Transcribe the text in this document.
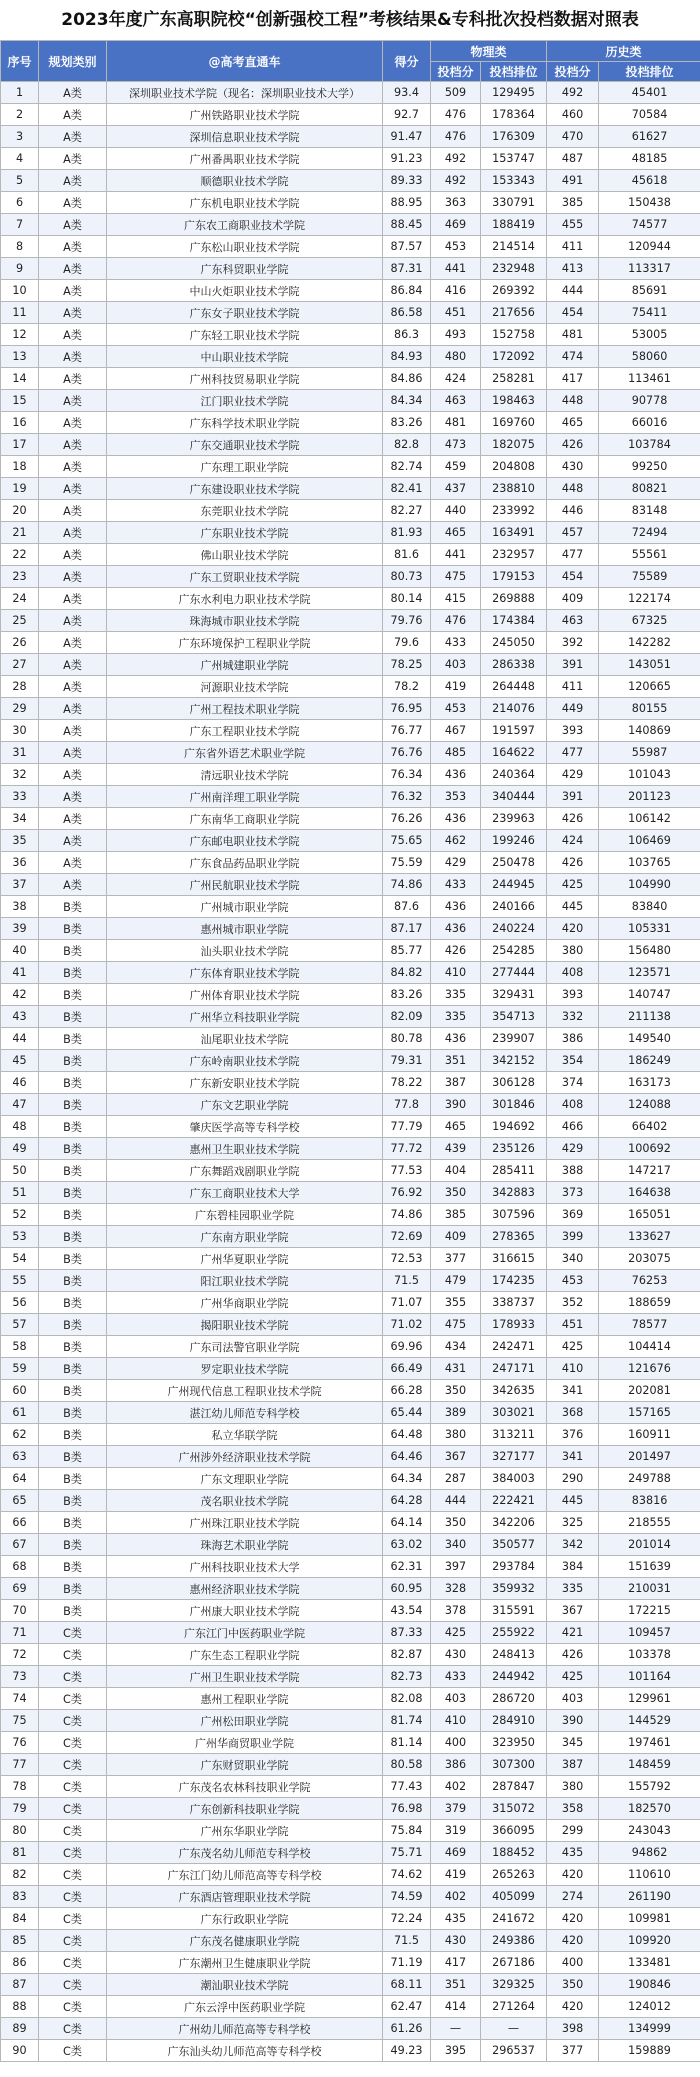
2023年度广东高职院校“创新强校工程”考核结果&专科批次投档数据对照表
序号	规划类别	@高考直通车	得分	物理类		历史类	
				投档分	投档排位	投档分	投档排位
1	A类	深圳职业技术学院（现名：深圳职业技术大学）	93.4	509	129495	492	45401
2	A类	广州铁路职业技术学院	92.7	476	178364	460	70584
3	A类	深圳信息职业技术学院	91.47	476	176309	470	61627
4	A类	广州番禺职业技术学院	91.23	492	153747	487	48185
5	A类	顺德职业技术学院	89.33	492	153343	491	45618
6	A类	广东机电职业技术学院	88.95	363	330791	385	150438
7	A类	广东农工商职业技术学院	88.45	469	188419	455	74577
8	A类	广东松山职业技术学院	87.57	453	214514	411	120944
9	A类	广东科贸职业学院	87.31	441	232948	413	113317
10	A类	中山火炬职业技术学院	86.84	416	269392	444	85691
11	A类	广东女子职业技术学院	86.58	451	217656	454	75411
12	A类	广东轻工职业技术学院	86.3	493	152758	481	53005
13	A类	中山职业技术学院	84.93	480	172092	474	58060
14	A类	广州科技贸易职业学院	84.86	424	258281	417	113461
15	A类	江门职业技术学院	84.34	463	198463	448	90778
16	A类	广东科学技术职业学院	83.26	481	169760	465	66016
17	A类	广东交通职业技术学院	82.8	473	182075	426	103784
18	A类	广东理工职业学院	82.74	459	204808	430	99250
19	A类	广东建设职业技术学院	82.41	437	238810	448	80821
20	A类	东莞职业技术学院	82.27	440	233992	446	83148
21	A类	广东职业技术学院	81.93	465	163491	457	72494
22	A类	佛山职业技术学院	81.6	441	232957	477	55561
23	A类	广东工贸职业技术学院	80.73	475	179153	454	75589
24	A类	广东水利电力职业技术学院	80.14	415	269888	409	122174
25	A类	珠海城市职业技术学院	79.76	476	174384	463	67325
26	A类	广东环境保护工程职业学院	79.6	433	245050	392	142282
27	A类	广州城建职业学院	78.25	403	286338	391	143051
28	A类	河源职业技术学院	78.2	419	264448	411	120665
29	A类	广州工程技术职业学院	76.95	453	214076	449	80155
30	A类	广东工程职业技术学院	76.77	467	191597	393	140869
31	A类	广东省外语艺术职业学院	76.76	485	164622	477	55987
32	A类	清远职业技术学院	76.34	436	240364	429	101043
33	A类	广州南洋理工职业学院	76.32	353	340444	391	201123
34	A类	广东南华工商职业学院	76.26	436	239963	426	106142
35	A类	广东邮电职业技术学院	75.65	462	199246	424	106469
36	A类	广东食品药品职业学院	75.59	429	250478	426	103765
37	A类	广州民航职业技术学院	74.86	433	244945	425	104990
38	B类	广州城市职业学院	87.6	436	240166	445	83840
39	B类	惠州城市职业学院	87.17	436	240224	420	105331
40	B类	汕头职业技术学院	85.77	426	254285	380	156480
41	B类	广东体育职业技术学院	84.82	410	277444	408	123571
42	B类	广州体育职业技术学院	83.26	335	329431	393	140747
43	B类	广州华立科技职业学院	82.09	335	354713	332	211138
44	B类	汕尾职业技术学院	80.78	436	239907	386	149540
45	B类	广东岭南职业技术学院	79.31	351	342152	354	186249
46	B类	广东新安职业技术学院	78.22	387	306128	374	163173
47	B类	广东文艺职业学院	77.8	390	301846	408	124088
48	B类	肇庆医学高等专科学校	77.79	465	194692	466	66402
49	B类	惠州卫生职业技术学院	77.72	439	235126	429	100692
50	B类	广东舞蹈戏剧职业学院	77.53	404	285411	388	147217
51	B类	广东工商职业技术大学	76.92	350	342883	373	164638
52	B类	广东碧桂园职业学院	74.86	385	307596	369	165051
53	B类	广东南方职业学院	72.69	409	278365	399	133627
54	B类	广州华夏职业学院	72.53	377	316615	340	203075
55	B类	阳江职业技术学院	71.5	479	174235	453	76253
56	B类	广州华商职业学院	71.07	355	338737	352	188659
57	B类	揭阳职业技术学院	71.02	475	178933	451	78577
58	B类	广东司法警官职业学院	69.96	434	242471	425	104414
59	B类	罗定职业技术学院	66.49	431	247171	410	121676
60	B类	广州现代信息工程职业技术学院	66.28	350	342635	341	202081
61	B类	湛江幼儿师范专科学校	65.44	389	303021	368	157165
62	B类	私立华联学院	64.48	380	313211	376	160911
63	B类	广州涉外经济职业技术学院	64.46	367	327177	341	201497
64	B类	广东文理职业学院	64.34	287	384003	290	249788
65	B类	茂名职业技术学院	64.28	444	222421	445	83816
66	B类	广州珠江职业技术学院	64.14	350	342206	325	218555
67	B类	珠海艺术职业学院	63.02	340	350577	342	201014
68	B类	广州科技职业技术大学	62.31	397	293784	384	151639
69	B类	惠州经济职业技术学院	60.95	328	359932	335	210031
70	B类	广州康大职业技术学院	43.54	378	315591	367	172215
71	C类	广东江门中医药职业学院	87.33	425	255922	421	109457
72	C类	广东生态工程职业学院	82.87	430	248413	426	103378
73	C类	广州卫生职业技术学院	82.73	433	244942	425	101164
74	C类	惠州工程职业学院	82.08	403	286720	403	129961
75	C类	广州松田职业学院	81.74	410	284910	390	144529
76	C类	广州华商贸职业学院	81.14	400	323950	345	197461
77	C类	广东财贸职业学院	80.58	386	307300	387	148459
78	C类	广东茂名农林科技职业学院	77.43	402	287847	380	155792
79	C类	广东创新科技职业学院	76.98	379	315072	358	182570
80	C类	广州东华职业学院	75.84	319	366095	299	243043
81	C类	广东茂名幼儿师范专科学校	75.71	469	188452	435	94862
82	C类	广东江门幼儿师范高等专科学校	74.62	419	265263	420	110610
83	C类	广东酒店管理职业技术学院	74.59	402	405099	274	261190
84	C类	广东行政职业学院	72.24	435	241672	420	109981
85	C类	广东茂名健康职业学院	71.5	430	249386	420	109920
86	C类	广东潮州卫生健康职业学院	71.19	417	267186	400	133481
87	C类	潮汕职业技术学院	68.11	351	329325	350	190846
88	C类	广东云浮中医药职业学院	62.47	414	271264	420	124012
89	C类	广州幼儿师范高等专科学校	61.26	—	—	398	134999
90	C类	广东汕头幼儿师范高等专科学校	49.23	395	296537	377	159889
